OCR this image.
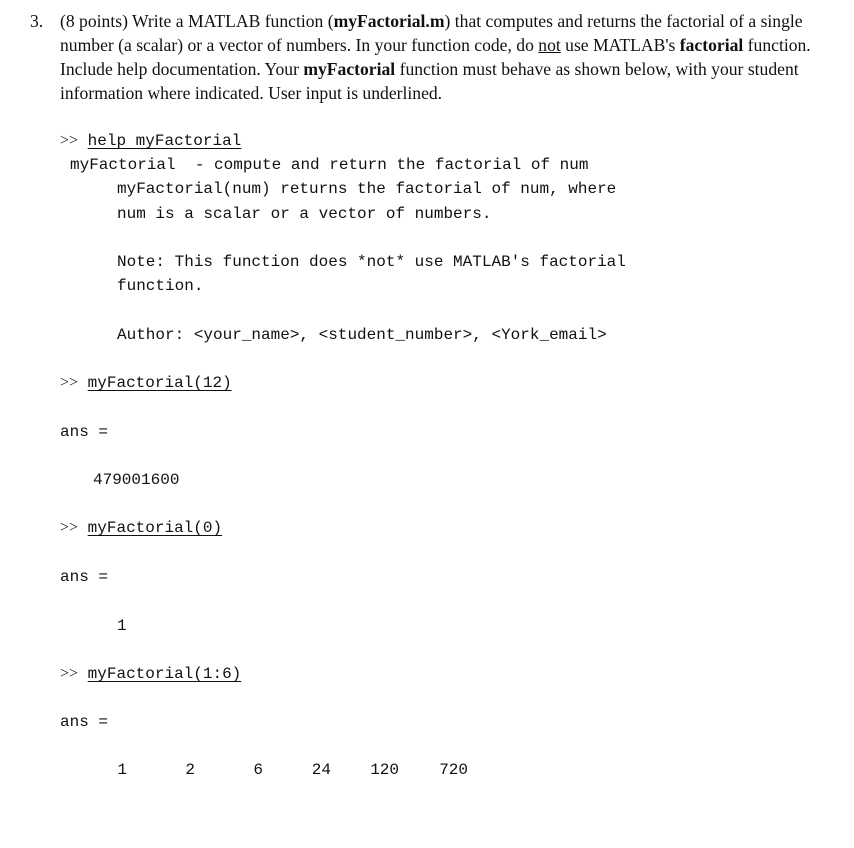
3. (8 points) Write a MATLAB function (myFactorial.m) that computes and returns the factorial of a single number (a scalar) or a vector of numbers. In your function code, do not use MATLAB's factorial function. Include help documentation. Your myFactorial function must behave as shown below, with your student information where indicated. User input is underlined.
>> help myFactorial
myFactorial  - compute and return the factorial of num
myFactorial(num) returns the factorial of num, where
num is a scalar or a vector of numbers.
Note: This function does *not* use MATLAB's factorial
function.
Author: <your_name>, <student_number>, <York_email>
>> myFactorial(12)
ans =
479001600
>> myFactorial(0)
ans =
1
>> myFactorial(1:6)
ans =
1	2	6	24 120	720
